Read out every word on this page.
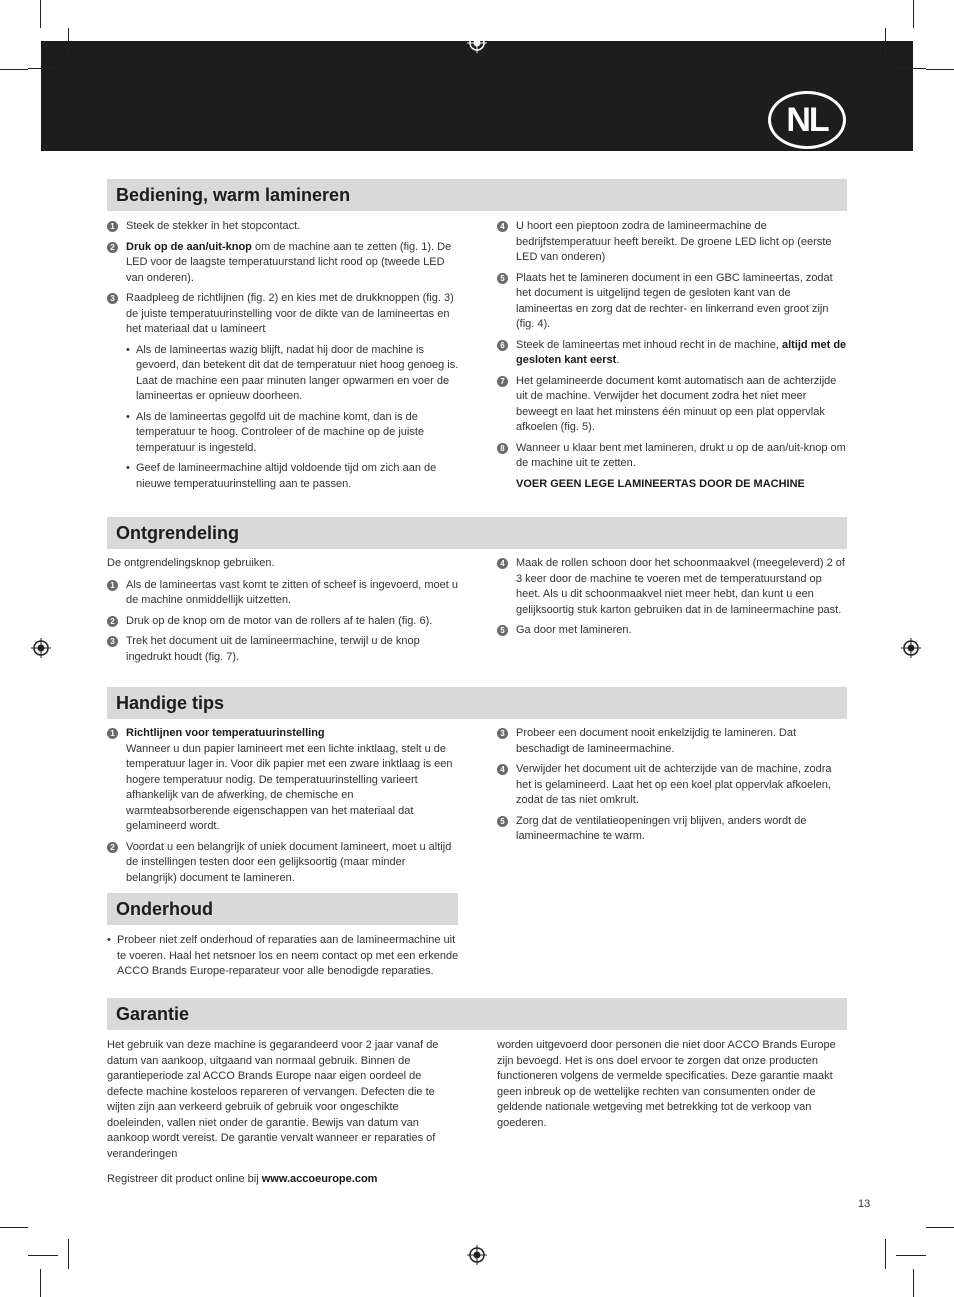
NL
Bediening, warm lamineren
1 Steek de stekker in het stopcontact.
2 Druk op de aan/uit-knop om de machine aan te zetten (fig. 1). De LED voor de laagste temperatuurstand licht rood op (tweede LED van onderen).
3 Raadpleeg de richtlijnen (fig. 2) en kies met de drukknoppen (fig. 3) de juiste temperatuurinstelling voor de dikte van de lamineertas en het materiaal dat u lamineert
• Als de lamineertas wazig blijft, nadat hij door de machine is gevoerd, dan betekent dit dat de temperatuur niet hoog genoeg is. Laat de machine een paar minuten langer opwarmen en voer de lamineertas er opnieuw doorheen.
• Als de lamineertas gegolfd uit de machine komt, dan is de temperatuur te hoog. Controleer of de machine op de juiste temperatuur is ingesteld.
• Geef de lamineermachine altijd voldoende tijd om zich aan de nieuwe temperatuurinstelling aan te passen.
4 U hoort een pieptoon zodra de lamineermachine de bedrijfstemperatuur heeft bereikt. De groene LED licht op (eerste LED van onderen)
5 Plaats het te lamineren document in een GBC lamineertas, zodat het document is uitgelijnd tegen de gesloten kant van de lamineertas en zorg dat de rechter- en linkerrand even groot zijn (fig. 4).
6 Steek de lamineertas met inhoud recht in de machine, altijd met de gesloten kant eerst.
7 Het gelamineerde document komt automatisch aan de achterzijde uit de machine. Verwijder het document zodra het niet meer beweegt en laat het minstens één minuut op een plat oppervlak afkoelen (fig. 5).
8 Wanneer u klaar bent met lamineren, drukt u op de aan/uit-knop om de machine uit te zetten.
VOER GEEN LEGE LAMINEERTAS DOOR DE MACHINE
Ontgrendeling
De ontgrendelingsknop gebruiken.
1 Als de lamineertas vast komt te zitten of scheef is ingevoerd, moet u de machine onmiddellijk uitzetten.
2 Druk op de knop om de motor van de rollers af te halen (fig. 6).
3 Trek het document uit de lamineermachine, terwijl u de knop ingedrukt houdt (fig. 7).
4 Maak de rollen schoon door het schoonmaakvel (meegeleverd) 2 of 3 keer door de machine te voeren met de temperatuurstand op heet. Als u dit schoonmaakvel niet meer hebt, dan kunt u een gelijksoortig stuk karton gebruiken dat in de lamineermachine past.
5 Ga door met lamineren.
Handige tips
1 Richtlijnen voor temperatuurinstelling
Wanneer u dun papier lamineert met een lichte inktlaag, stelt u de temperatuur lager in. Voor dik papier met een zware inktlaag is een hogere temperatuur nodig. De temperatuurinstelling varieert afhankelijk van de afwerking, de chemische en warmteabsorberende eigenschappen van het materiaal dat gelamineerd wordt.
2 Voordat u een belangrijk of uniek document lamineert, moet u altijd de instellingen testen door een gelijksoortig (maar minder belangrijk) document te lamineren.
3 Probeer een document nooit enkelzijdig te lamineren. Dat beschadigt de lamineermachine.
4 Verwijder het document uit de achterzijde van de machine, zodra het is gelamineerd. Laat het op een koel plat oppervlak afkoelen, zodat de tas niet omkrult.
5 Zorg dat de ventilatieopeningen vrij blijven, anders wordt de lamineermachine te warm.
Onderhoud
• Probeer niet zelf onderhoud of reparaties aan de lamineermachine uit te voeren. Haal het netsnoer los en neem contact op met een erkende ACCO Brands Europe-reparateur voor alle benodigde reparaties.
Garantie
Het gebruik van deze machine is gegarandeerd voor 2 jaar vanaf de datum van aankoop, uitgaand van normaal gebruik. Binnen de garantieperiode zal ACCO Brands Europe naar eigen oordeel de defecte machine kosteloos repareren of vervangen. Defecten die te wijten zijn aan verkeerd gebruik of gebruik voor ongeschikte doeleinden, vallen niet onder de garantie. Bewijs van datum van aankoop wordt vereist. De garantie vervalt wanneer er reparaties of veranderingen
Registreer dit product online bij www.accoeurope.com
worden uitgevoerd door personen die niet door ACCO Brands Europe zijn bevoegd. Het is ons doel ervoor te zorgen dat onze producten functioneren volgens de vermelde specificaties. Deze garantie maakt geen inbreuk op de wettelijke rechten van consumenten onder de geldende nationale wetgeving met betrekking tot de verkoop van goederen.
13
